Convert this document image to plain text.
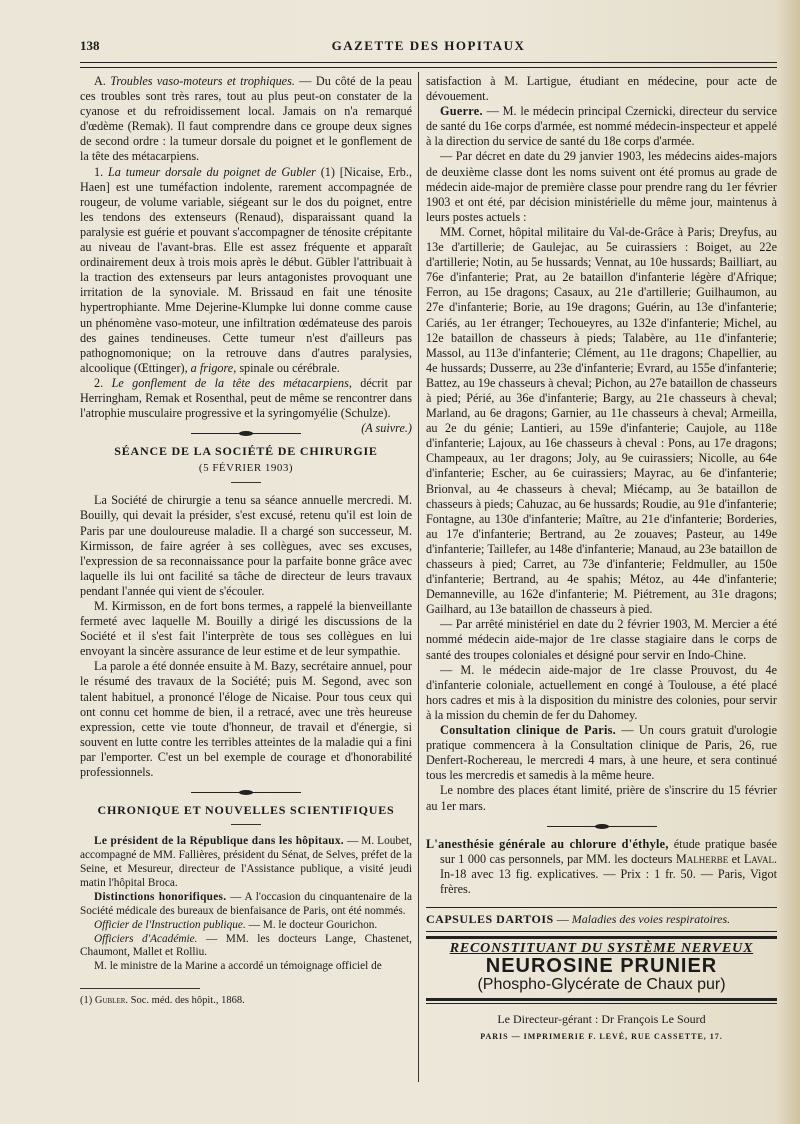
138	GAZETTE DES HOPITAUX

A. Troubles vaso-moteurs et trophiques. — Du côté de la peau ces troubles sont très rares, tout au plus peut-on constater de la cyanose et du refroidissement local. Jamais on n'a remarqué d'œdème (Remak). Il faut comprendre dans ce groupe deux signes de second ordre : la tumeur dorsale du poignet et le gonflement de la tête des métacarpiens.

1. La tumeur dorsale du poignet de Gubler (1) [Nicaise, Erb., Haen] est une tuméfaction indolente, rarement accompagnée de rougeur, de volume variable, siégeant sur le dos du poignet, entre les tendons des extenseurs (Renaud), disparaissant quand la paralysie est guérie et pouvant s'accompagner de ténosite crépitante au niveau de l'avant-bras. Elle est assez fréquente et apparaît ordinairement deux à trois mois après le début. Gübler l'attribuait à la traction des extenseurs par leurs antagonistes provoquant une irritation de la synoviale. M. Brissaud en fait une ténosite hypertrophiante. Mme Dejerine-Klumpke lui donne comme cause un phénomène vaso-moteur, une infiltration œdémateuse des parois des gaines tendineuses. Cette tumeur n'est d'ailleurs pas pathognomonique; on la retrouve dans d'autres paralysies, alcoolique (Œttinger), a frigore, spinale ou cérébrale.

2. Le gonflement de la tête des métacarpiens, décrit par Herringham, Remak et Rosenthal, peut de même se rencontrer dans l'atrophie musculaire progressive et la syringomyélie (Schulze).
(A suivre.)

SÉANCE DE LA SOCIÉTÉ DE CHIRURGIE

(5 FÉVRIER 1903)

La Société de chirurgie a tenu sa séance annuelle mercredi. M. Bouilly, qui devait la présider, s'est excusé, retenu qu'il est loin de Paris par une douloureuse maladie. Il a chargé son successeur, M. Kirmisson, de faire agréer à ses collègues, avec ses excuses, l'expression de sa reconnaissance pour la parfaite bonne grâce avec laquelle ils lui ont facilité sa tâche de directeur de leurs travaux pendant l'année qui vient de s'écouler.

M. Kirmisson, en de fort bons termes, a rappelé la bienveillante fermeté avec laquelle M. Bouilly a dirigé les discussions de la Société et il s'est fait l'interprète de tous ses collègues en lui envoyant la sincère assurance de leur estime et de leur sympathie.

La parole a été donnée ensuite à M. Bazy, secrétaire annuel, pour le résumé des travaux de la Société; puis M. Segond, avec son talent habituel, a prononcé l'éloge de Nicaise. Pour tous ceux qui ont connu cet homme de bien, il a retracé, avec une très heureuse expression, cette vie toute d'honneur, de travail et d'énergie, si souvent en lutte contre les terribles atteintes de la maladie qui a fini par l'emporter. C'est un bel exemple de courage et d'honorabilité professionnels.

CHRONIQUE ET NOUVELLES SCIENTIFIQUES

Le président de la République dans les hôpitaux. — M. Loubet, accompagné de MM. Fallières, président du Sénat, de Selves, préfet de la Seine, et Mesureur, directeur de l'Assistance publique, a visité jeudi matin l'hôpital Broca.

Distinctions honorifiques. — A l'occasion du cinquantenaire de la Société médicale des bureaux de bienfaisance de Paris, ont été nommés.

Officier de l'Instruction publique. — M. le docteur Gourichon.

Officiers d'Académie. — MM. les docteurs Lange, Chastenet, Chaumont, Mallet et Rolliu.

M. le ministre de la Marine a accordé un témoignage officiel de

(1) Gubler. Soc. méd. des hôpit., 1868.

satisfaction à M. Lartigue, étudiant en médecine, pour acte de dévouement.

Guerre. — M. le médecin principal Czernicki, directeur du service de santé du 16e corps d'armée, est nommé médecin-inspecteur et appelé à la direction du service de santé du 18e corps d'armée.

— Par décret en date du 29 janvier 1903, les médecins aides-majors de deuxième classe dont les noms suivent ont été promus au grade de médecin aide-major de première classe pour prendre rang du 1er février 1903 et ont été, par décision ministérielle du même jour, maintenus à leurs postes actuels :

MM. Cornet, hôpital militaire du Val-de-Grâce à Paris; Dreyfus, au 13e d'artillerie; de Gaulejac, au 5e cuirassiers : Boiget, au 22e d'artillerie; Notin, au 5e hussards; Vennat, au 10e hussards; Bailliart, au 76e d'infanterie; Prat, au 2e bataillon d'infanterie légère d'Afrique; Ferron, au 15e dragons; Casaux, au 21e d'artillerie; Guilhaumon, au 27e d'infanterie; Borie, au 19e dragons; Guérin, au 13e d'infanterie; Cariés, au 1er étranger; Techoueyres, au 132e d'infanterie; Michel, au 12e bataillon de chasseurs à pieds; Talabère, au 11e d'infanterie; Massol, au 113e d'infanterie; Clément, au 11e dragons; Chapellier, au 4e hussards; Dusserre, au 23e d'infanterie; Evrard, au 155e d'infanterie; Battez, au 19e chasseurs à cheval; Pichon, au 27e bataillon de chasseurs à pied; Périé, au 36e d'infanterie; Bargy, au 21e chasseurs à cheval; Marland, au 6e dragons; Garnier, au 11e chasseurs à cheval; Armeilla, au 2e du génie; Lantieri, au 159e d'infanterie; Caujole, au 118e d'infanterie; Lajoux, au 16e chasseurs à cheval : Pons, au 17e dragons; Champeaux, au 1er dragons; Joly, au 9e cuirassiers; Nicolle, au 64e d'infanterie; Escher, au 6e cuirassiers; Mayrac, au 6e d'infanterie; Brionval, au 4e chasseurs à cheval; Miécamp, au 3e bataillon de chasseurs à pieds; Cahuzac, au 6e hussards; Roudie, au 91e d'infanterie; Fontagne, au 130e d'infanterie; Maître, au 21e d'infanterie; Borderies, au 17e d'infanterie; Bertrand, au 2e zouaves; Pasteur, au 149e d'infanterie; Taillefer, au 148e d'infanterie; Manaud, au 23e bataillon de chasseurs à pied; Carret, au 73e d'infanterie; Feldmuller, au 150e d'infanterie; Bertrand, au 4e spahis; Métoz, au 44e d'infanterie; Demanneville, au 162e d'infanterie; M. Piétrement, au 31e dragons; Gailhard, au 13e bataillon de chasseurs à pied.

— Par arrêté ministériel en date du 2 février 1903, M. Mercier a été nommé médecin aide-major de 1re classe stagiaire dans le corps de santé des troupes coloniales et désigné pour servir en Indo-Chine.

— M. le médecin aide-major de 1re classe Prouvost, du 4e d'infanterie coloniale, actuellement en congé à Toulouse, a été placé hors cadres et mis à la disposition du ministre des colonies, pour servir à la mission du chemin de fer du Dahomey.

Consultation clinique de Paris. — Un cours gratuit d'urologie pratique commencera à la Consultation clinique de Paris, 26, rue Denfert-Rochereau, le mercredi 4 mars, à une heure, et sera continué tous les mercredis et samedis à la même heure.

Le nombre des places étant limité, prière de s'inscrire du 15 février au 1er mars.

L'anesthésie générale au chlorure d'éthyle, étude pratique basée sur 1 000 cas personnels, par MM. les docteurs Malherbe et Laval. In-18 avec 13 fig. explicatives. — Prix : 1 fr. 50. — Paris, Vigot frères.

CAPSULES DARTOIS — Maladies des voies respiratoires.

RECONSTITUANT DU SYSTÈME NERVEUX

NEUROSINE PRUNIER

(Phospho-Glycérate de Chaux pur)

Le Directeur-gérant : Dr François Le Sourd

PARIS — IMPRIMERIE F. LEVÉ, RUE CASSETTE, 17.
